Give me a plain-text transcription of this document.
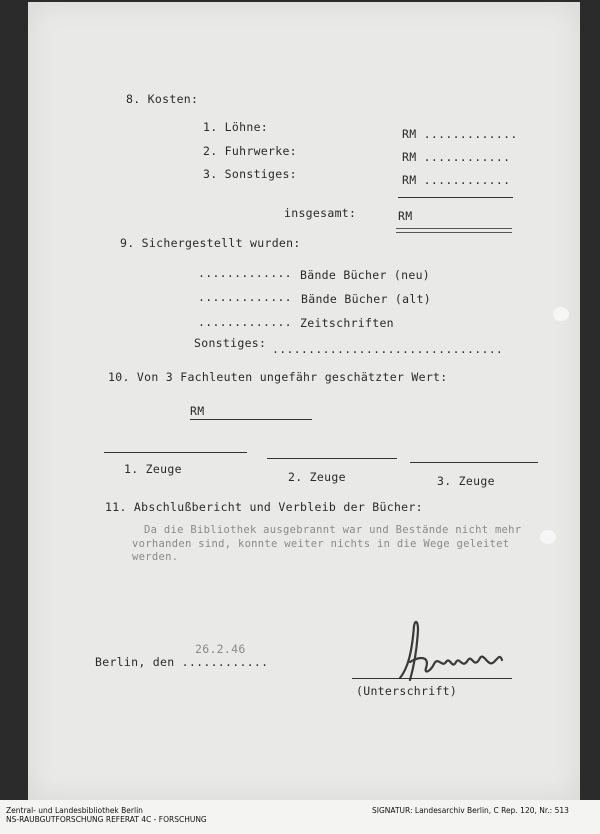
8. Kosten:
1. Löhne:	RM .............
2. Fuhrwerke:	RM ............
3. Sonstiges:	RM ............
insgesamt:	RM
9. Sichergestellt wurden:
............. Bände Bücher (neu)
............. Bände Bücher (alt)
............. Zeitschriften
Sonstiges: ................................
10. Von 3 Fachleuten ungefähr geschätzter Wert:
RM
1. Zeuge
2. Zeuge	3. Zeuge
11. Abschlußbericht und Verbleib der Bücher:
Da die Bibliothek ausgebrannt war und Bestände nicht mehr
vorhanden sind, konnte weiter nichts in die Wege geleitet
werden.
26.2.46
Berlin, den ............
(Unterschrift)
Zentral- und Landesbibliothek Berlin
NS-RAUBGUTFORSCHUNG REFERAT 4C - FORSCHUNG
SIGNATUR: Landesarchiv Berlin, C Rep. 120, Nr.: 513
